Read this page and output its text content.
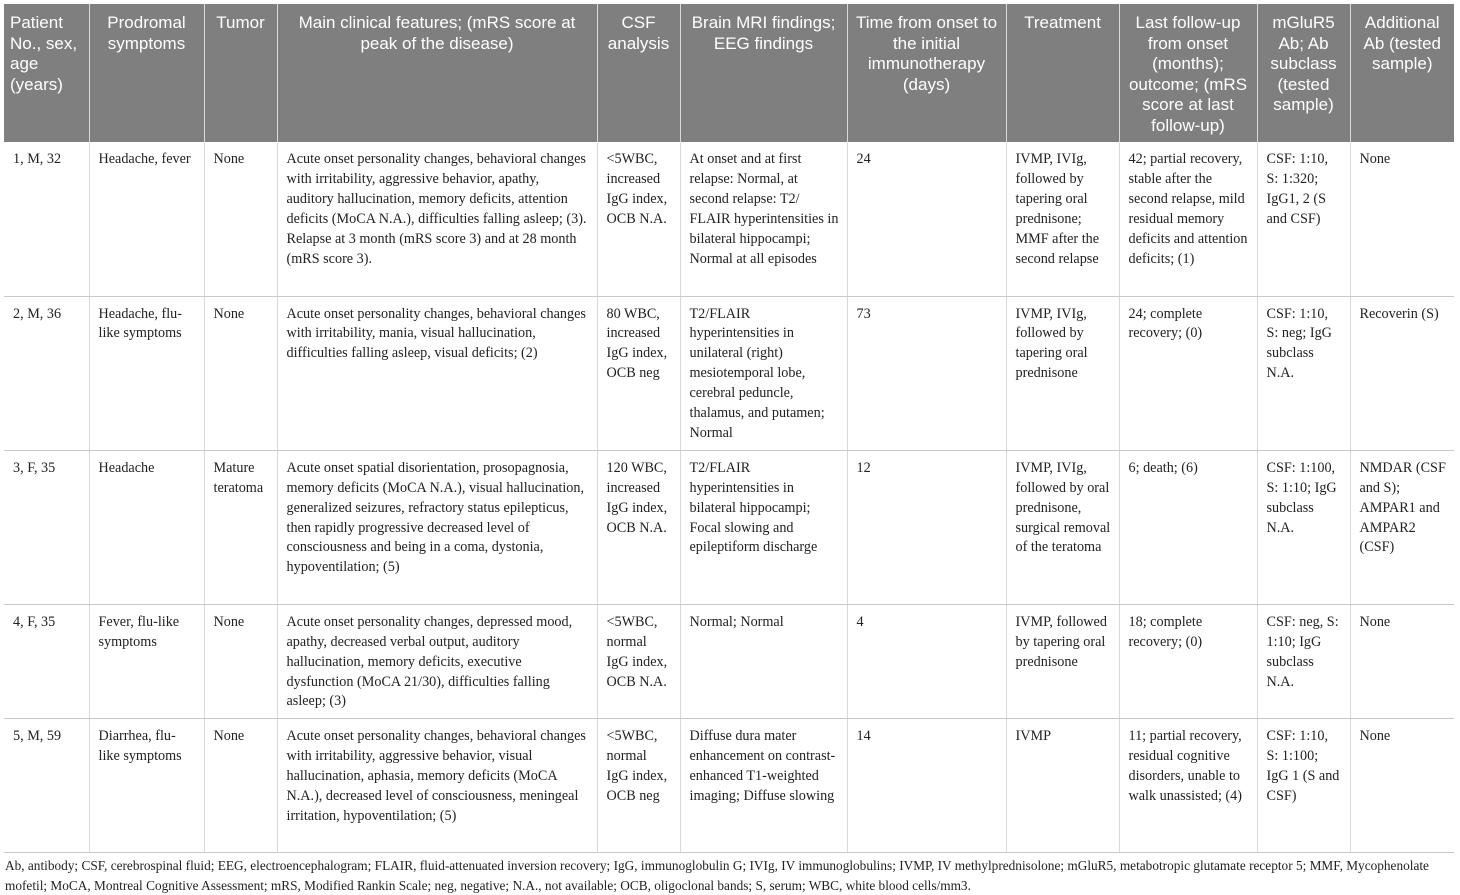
Patient No., sex, age (years)	Prodromal symptoms	Tumor	Main clinical features; (mRS score at peak of the disease)	CSF analysis	Brain MRI findings; EEG findings	Time from onset to the initial immunotherapy (days)	Treatment	Last follow-up from onset (months); outcome; (mRS score at last follow-up)	mGluR5 Ab; Ab subclass (tested sample)	Additional Ab (tested sample)
1, M, 32	Headache, fever	None	Acute onset personality changes, behavioral changes with irritability, aggressive behavior, apathy, auditory hallucination, memory deficits, attention deficits (MoCA N.A.), difficulties falling asleep; (3). Relapse at 3 month (mRS score 3) and at 28 month (mRS score 3).	<5WBC, increased IgG index, OCB N.A.	At onset and at first relapse: Normal, at second relapse: T2/ FLAIR hyperintensities in bilateral hippocampi; Normal at all episodes	24	IVMP, IVIg, followed by tapering oral prednisone; MMF after the second relapse	42; partial recovery, stable after the second relapse, mild residual memory deficits and attention deficits; (1)	CSF: 1:10, S: 1:320; IgG1, 2 (S and CSF)	None
2, M, 36	Headache, flu-like symptoms	None	Acute onset personality changes, behavioral changes with irritability, mania, visual hallucination, difficulties falling asleep, visual deficits; (2)	80 WBC, increased IgG index, OCB neg	T2/FLAIR hyperintensities in unilateral (right) mesiotemporal lobe, cerebral peduncle, thalamus, and putamen; Normal	73	IVMP, IVIg, followed by tapering oral prednisone	24; complete recovery; (0)	CSF: 1:10, S: neg; IgG subclass N.A.	Recoverin (S)
3, F, 35	Headache	Mature teratoma	Acute onset spatial disorientation, prosopagnosia, memory deficits (MoCA N.A.), visual hallucination, generalized seizures, refractory status epilepticus, then rapidly progressive decreased level of consciousness and being in a coma, dystonia, hypoventilation; (5)	120 WBC, increased IgG index, OCB N.A.	T2/FLAIR hyperintensities in bilateral hippocampi; Focal slowing and epileptiform discharge	12	IVMP, IVIg, followed by oral prednisone, surgical removal of the teratoma	6; death; (6)	CSF: 1:100, S: 1:10; IgG subclass N.A.	NMDAR (CSF and S); AMPAR1 and AMPAR2 (CSF)
4, F, 35	Fever, flu-like symptoms	None	Acute onset personality changes, depressed mood, apathy, decreased verbal output, auditory hallucination, memory deficits, executive dysfunction (MoCA 21/30), difficulties falling asleep; (3)	<5WBC, normal IgG index, OCB N.A.	Normal; Normal	4	IVMP, followed by tapering oral prednisone	18; complete recovery; (0)	CSF: neg, S: 1:10; IgG subclass N.A.	None
5, M, 59	Diarrhea, flu-like symptoms	None	Acute onset personality changes, behavioral changes with irritability, aggressive behavior, visual hallucination, aphasia, memory deficits (MoCA N.A.), decreased level of consciousness, meningeal irritation, hypoventilation; (5)	<5WBC, normal IgG index, OCB neg	Diffuse dura mater enhancement on contrast-enhanced T1-weighted imaging; Diffuse slowing	14	IVMP	11; partial recovery, residual cognitive disorders, unable to walk unassisted; (4)	CSF: 1:10, S: 1:100; IgG 1 (S and CSF)	None
Ab, antibody; CSF, cerebrospinal fluid; EEG, electroencephalogram; FLAIR, fluid-attenuated inversion recovery; IgG, immunoglobulin G; IVIg, IV immunoglobulins; IVMP, IV methylprednisolone; mGluR5, metabotropic glutamate receptor 5; MMF, Mycophenolate mofetil; MoCA, Montreal Cognitive Assessment; mRS, Modified Rankin Scale; neg, negative; N.A., not available; OCB, oligoclonal bands; S, serum; WBC, white blood cells/mm3.
